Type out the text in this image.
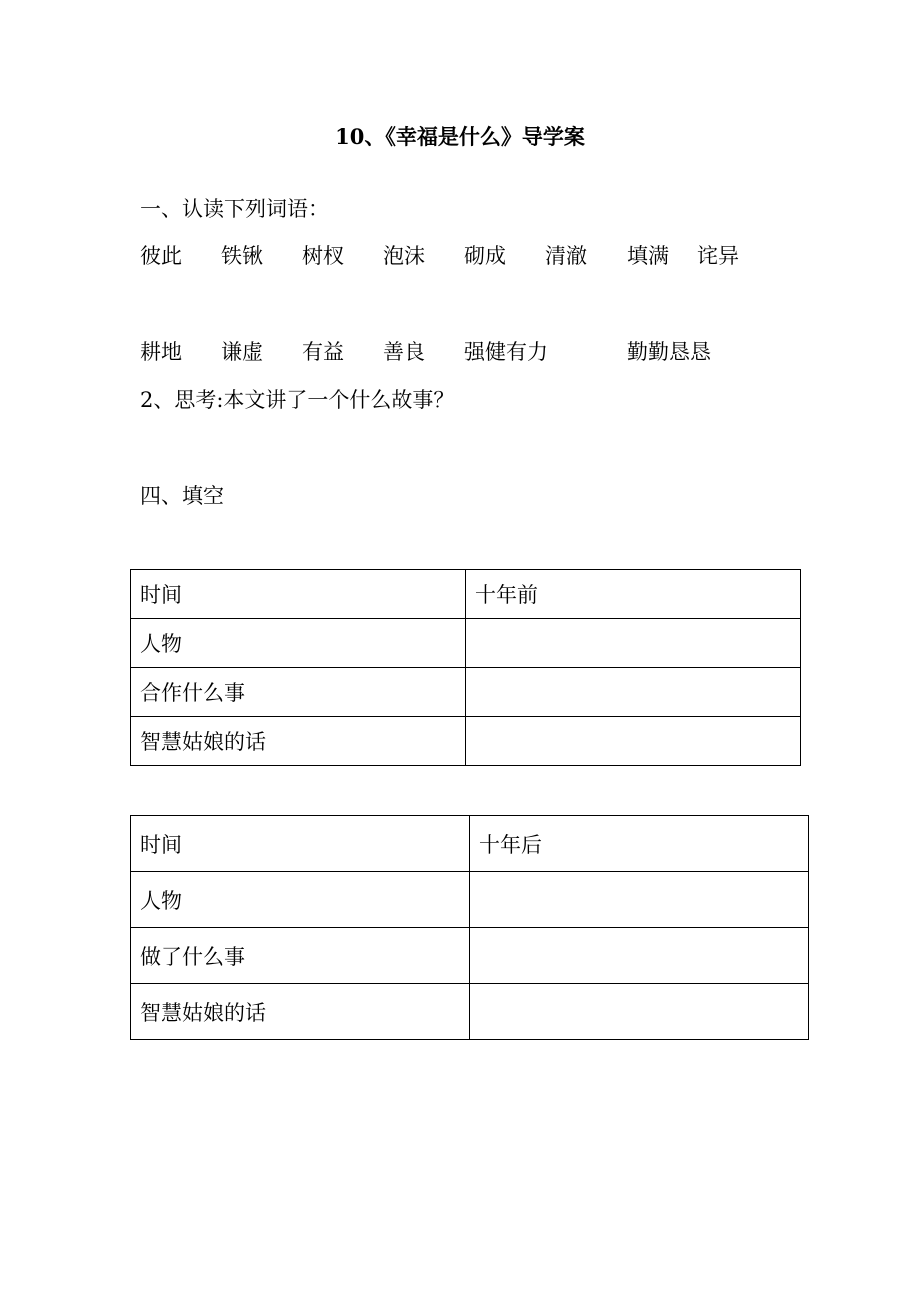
10、《幸福是什么》导学案
一、认读下列词语：
彼此 铁锹 树杈 泡沫 砌成 清澈 填满 诧异
耕地 谦虚 有益 善良 强健有力	勤勤恳恳
2、思考:本文讲了一个什么故事？
四、填空
时间	十年前
人物	
合作什么事	
智慧姑娘的话	
时间	十年后
人物	
做了什么事	
智慧姑娘的话	
